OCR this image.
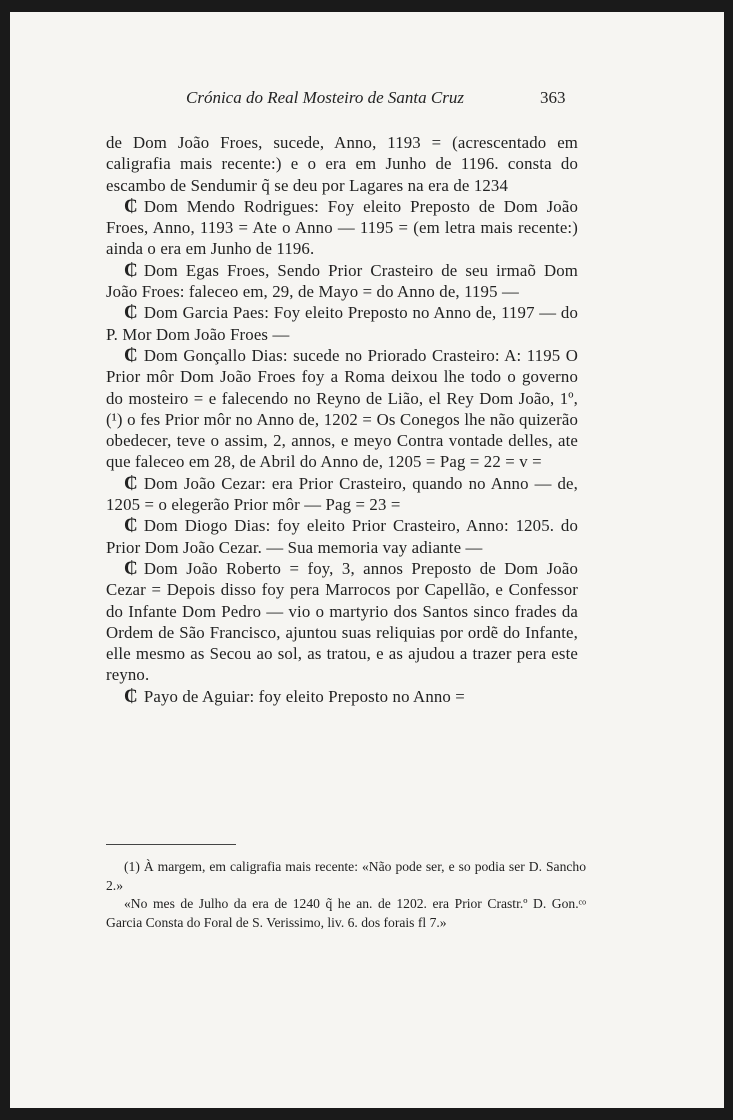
Crónica do Real Mosteiro de Santa Cruz	363

de Dom João Froes, sucede, Anno, 1193 = (acrescentado em caligrafia mais recente:) e o era em Junho de 1196. consta do escambo de Sendumir q̃ se deu por Lagares na era de 1234

₵ Dom Mendo Rodrigues: Foy eleito Preposto de Dom João Froes, Anno, 1193 = Ate o Anno — 1195 = (em letra mais recente:) ainda o era em Junho de 1196.

₵ Dom Egas Froes, Sendo Prior Crasteiro de seu irmaõ Dom João Froes: faleceo em, 29, de Mayo = do Anno de, 1195 —

₵ Dom Garcia Paes: Foy eleito Preposto no Anno de, 1197 — do P. Mor Dom João Froes —

₵ Dom Gonçallo Dias: sucede no Priorado Crasteiro: A: 1195 O Prior môr Dom João Froes foy a Roma deixou lhe todo o governo do mosteiro = e falecendo no Reyno de Lião, el Rey Dom João, 1º, (¹) o fes Prior môr no Anno de, 1202 = Os Conegos lhe não quizerão obedecer, teve o assim, 2, annos, e meyo Contra vontade delles, ate que faleceo em 28, de Abril do Anno de, 1205 = Pag = 22 = v =

₵ Dom João Cezar: era Prior Crasteiro, quando no Anno — de, 1205 = o elegerão Prior môr — Pag = 23 =

₵ Dom Diogo Dias: foy eleito Prior Crasteiro, Anno: 1205. do Prior Dom João Cezar. — Sua memoria vay adiante —

₵ Dom João Roberto = foy, 3, annos Preposto de Dom João Cezar = Depois disso foy pera Marrocos por Capellão, e Confessor do Infante Dom Pedro — vio o martyrio dos Santos sinco frades da Ordem de São Francisco, ajuntou suas reliquias por ordẽ do Infante, elle mesmo as Secou ao sol, as tratou, e as ajudou a trazer pera este reyno.

₵ Payo de Aguiar: foy eleito Preposto no Anno =

(1) À margem, em caligrafia mais recente: «Não pode ser, e so podia ser D. Sancho 2.»

«No mes de Julho da era de 1240 q̃ he an. de 1202. era Prior Crastr.º D. Gon.ᶜᵒ Garcia Consta do Foral de S. Verissimo, liv. 6. dos forais fl 7.»
